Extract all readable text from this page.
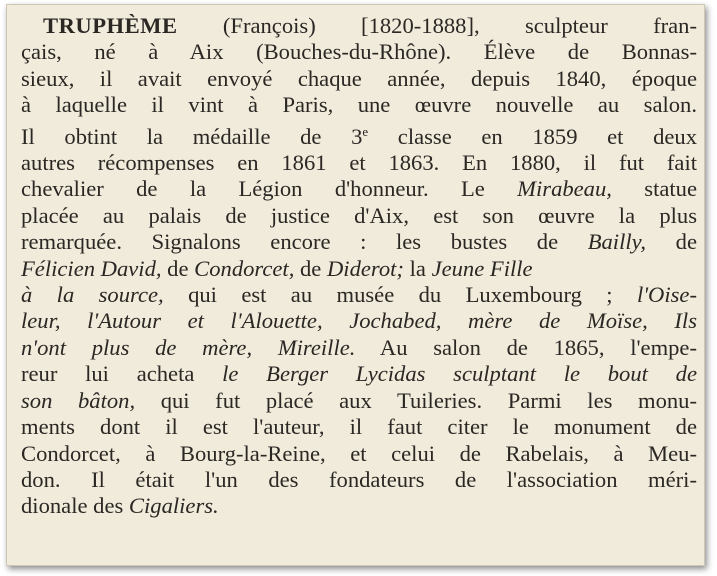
TRUPHÈME (François) [1820-1888], sculpteur fran-
çais, né à Aix (Bouches-du-Rhône). Élève de Bonnas-
sieux, il avait envoyé chaque année, depuis 1840, époque
à laquelle il vint à Paris, une œuvre nouvelle au salon.
Il obtint la médaille de 3e classe en 1859 et deux
autres récompenses en 1861 et 1863. En 1880, il fut fait
chevalier de la Légion d'honneur. Le Mirabeau, statue
placée au palais de justice d'Aix, est son œuvre la plus
remarquée. Signalons encore : les bustes de Bailly, de
Félicien David, de Condorcet, de Diderot; la Jeune Fille
à la source, qui est au musée du Luxembourg ; l'Oise-
leur, l'Autour et l'Alouette, Jochabed, mère de Moïse, Ils
n'ont plus de mère, Mireille. Au salon de 1865, l'empe-
reur lui acheta le Berger Lycidas sculptant le bout de
son bâton, qui fut placé aux Tuileries. Parmi les monu-
ments dont il est l'auteur, il faut citer le monument de
Condorcet, à Bourg-la-Reine, et celui de Rabelais, à Meu-
don. Il était l'un des fondateurs de l'association méri-
dionale des Cigaliers.
